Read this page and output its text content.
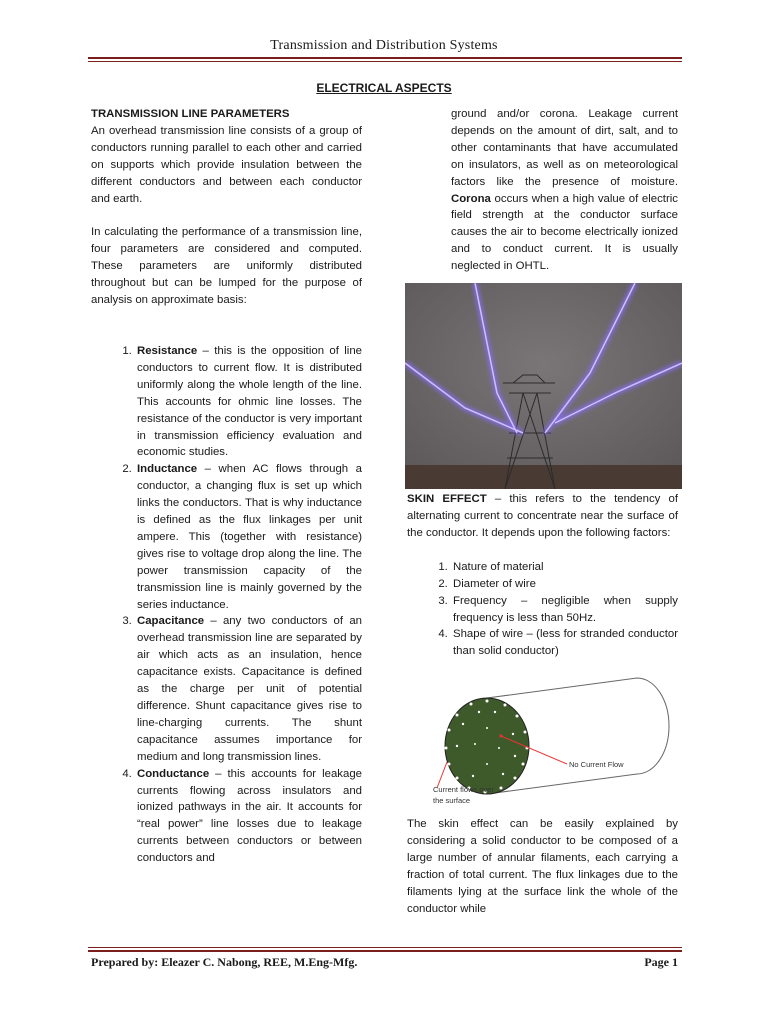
Transmission and Distribution Systems
ELECTRICAL ASPECTS

TRANSMISSION LINE PARAMETERS

An overhead transmission line consists of a group of conductors running parallel to each other and carried on supports which provide insulation between the different conductors and between each conductor and earth.

In calculating the performance of a transmission line, four parameters are considered and computed. These parameters are uniformly distributed throughout but can be lumped for the purpose of analysis on approximate basis:

1. Resistance – this is the opposition of line conductors to current flow. It is distributed uniformly along the whole length of the line. This accounts for ohmic line losses. The resistance of the conductor is very important in transmission efficiency evaluation and economic studies.
2. Inductance – when AC flows through a conductor, a changing flux is set up which links the conductors. That is why inductance is defined as the flux linkages per unit ampere. This (together with resistance) gives rise to voltage drop along the line. The power transmission capacity of the transmission line is mainly governed by the series inductance.
3. Capacitance – any two conductors of an overhead transmission line are separated by air which acts as an insulation, hence capacitance exists. Capacitance is defined as the charge per unit of potential difference. Shunt capacitance gives rise to line-charging currents. The shunt capacitance assumes importance for medium and long transmission lines.
4. Conductance – this accounts for leakage currents flowing across insulators and ionized pathways in the air. It accounts for “real power” line losses due to leakage currents between conductors or between conductors and

ground and/or corona. Leakage current depends on the amount of dirt, salt, and to other contaminants that have accumulated on insulators, as well as on meteorological factors like the presence of moisture. Corona occurs when a high value of electric field strength at the conductor surface causes the air to become electrically ionized and to conduct current. It is usually neglected in OHTL.

SKIN EFFECT – this refers to the tendency of alternating current to concentrate near the surface of the conductor. It depends upon the following factors:

1. Nature of material
2. Diameter of wire
3. Frequency – negligible when supply frequency is less than 50Hz.
4. Shape of wire – (less for stranded conductor than solid conductor)
No Current Flow
Current flows over
the surface

The skin effect can be easily explained by considering a solid conductor to be composed of a large number of annular filaments, each carrying a fraction of total current. The flux linkages due to the filaments lying at the surface link the whole of the conductor while

Prepared by: Eleazer C. Nabong, REE, M.Eng-Mfg.	Page 1
